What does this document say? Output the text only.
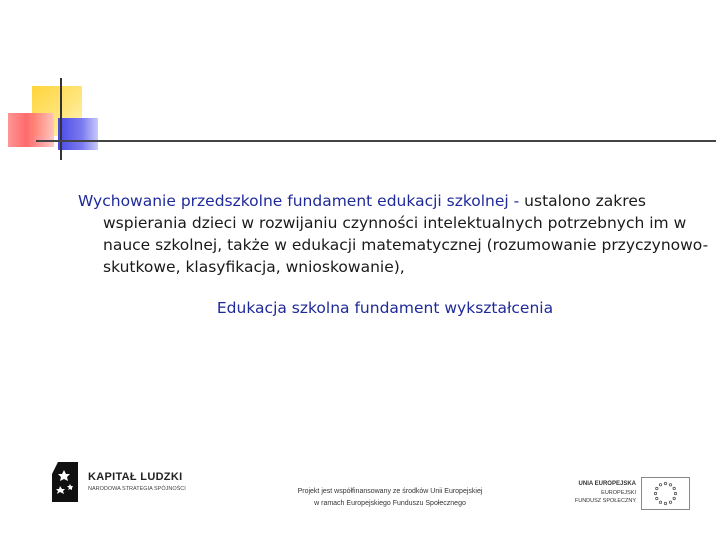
Wychowanie przedszkolne fundament edukacji szkolnej - ustalono zakres wspierania dzieci w rozwijaniu czynności intelektualnych potrzebnych im w nauce szkolnej, także w edukacji matematycznej (rozumowanie przyczynowo-skutkowe, klasyfikacja, wnioskowanie),
Edukacja szkolna fundament wykształcenia
KAPITAŁ LUDZKI
NARODOWA STRATEGIA SPÓJNOŚCI	Projekt jest współfinansowany ze środków Unii Europejskiej
w ramach Europejskiego Funduszu Społecznego
UNIA EUROPEJSKA
EUROPEJSKI
FUNDUSZ SPOŁECZNY
